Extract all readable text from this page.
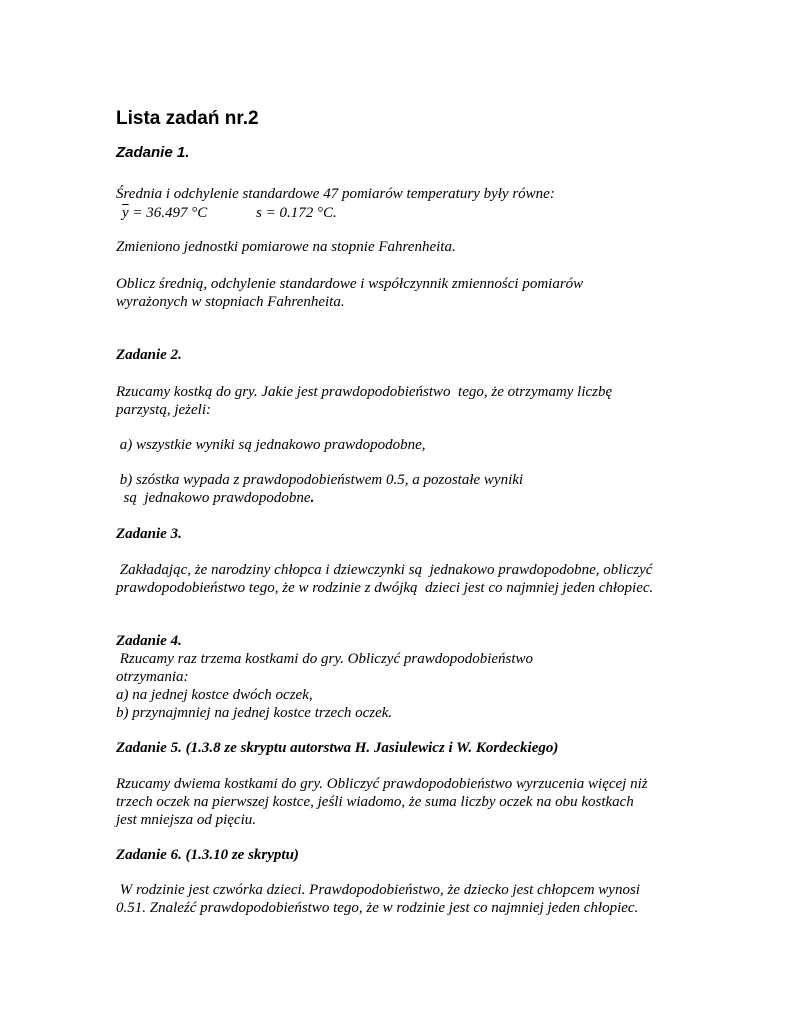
Lista zadań nr.2
Zadanie 1.
Średnia i odchylenie standardowe 47 pomiarów temperatury były równe:
$\overline{y} = 36.497$ °C	s = 0.172 °C.
Zmieniono jednostki pomiarowe na stopnie Fahrenheita.
Oblicz średnią, odchylenie standardowe i współczynnik zmienności pomiarów
wyrażonych w stopniach Fahrenheita.
Zadanie 2.
Rzucamy kostką do gry. Jakie jest prawdopodobieństwo  tego, że otrzymamy liczbę
parzystą, jeżeli:
a) wszystkie wyniki są jednakowo prawdopodobne,
b) szóstka wypada z prawdopodobieństwem 0.5, a pozostałe wyniki
są  jednakowo prawdopodobne.
Zadanie 3.
Zakładając, że narodziny chłopca i dziewczynki są  jednakowo prawdopodobne, obliczyć
prawdopodobieństwo tego, że w rodzinie z dwójką  dzieci jest co najmniej jeden chłopiec.
Zadanie 4.
Rzucamy raz trzema kostkami do gry. Obliczyć prawdopodobieństwo
otrzymania:
a) na jednej kostce dwóch oczek,
b) przynajmniej na jednej kostce trzech oczek.
Zadanie 5. (1.3.8 ze skryptu autorstwa H. Jasiulewicz i W. Kordeckiego)
Rzucamy dwiema kostkami do gry. Obliczyć prawdopodobieństwo wyrzucenia więcej niż
trzech oczek na pierwszej kostce, jeśli wiadomo, że suma liczby oczek na obu kostkach
jest mniejsza od pięciu.
Zadanie 6. (1.3.10 ze skryptu)
W rodzinie jest czwórka dzieci. Prawdopodobieństwo, że dziecko jest chłopcem wynosi
0.51. Znaleźć prawdopodobieństwo tego, że w rodzinie jest co najmniej jeden chłopiec.
